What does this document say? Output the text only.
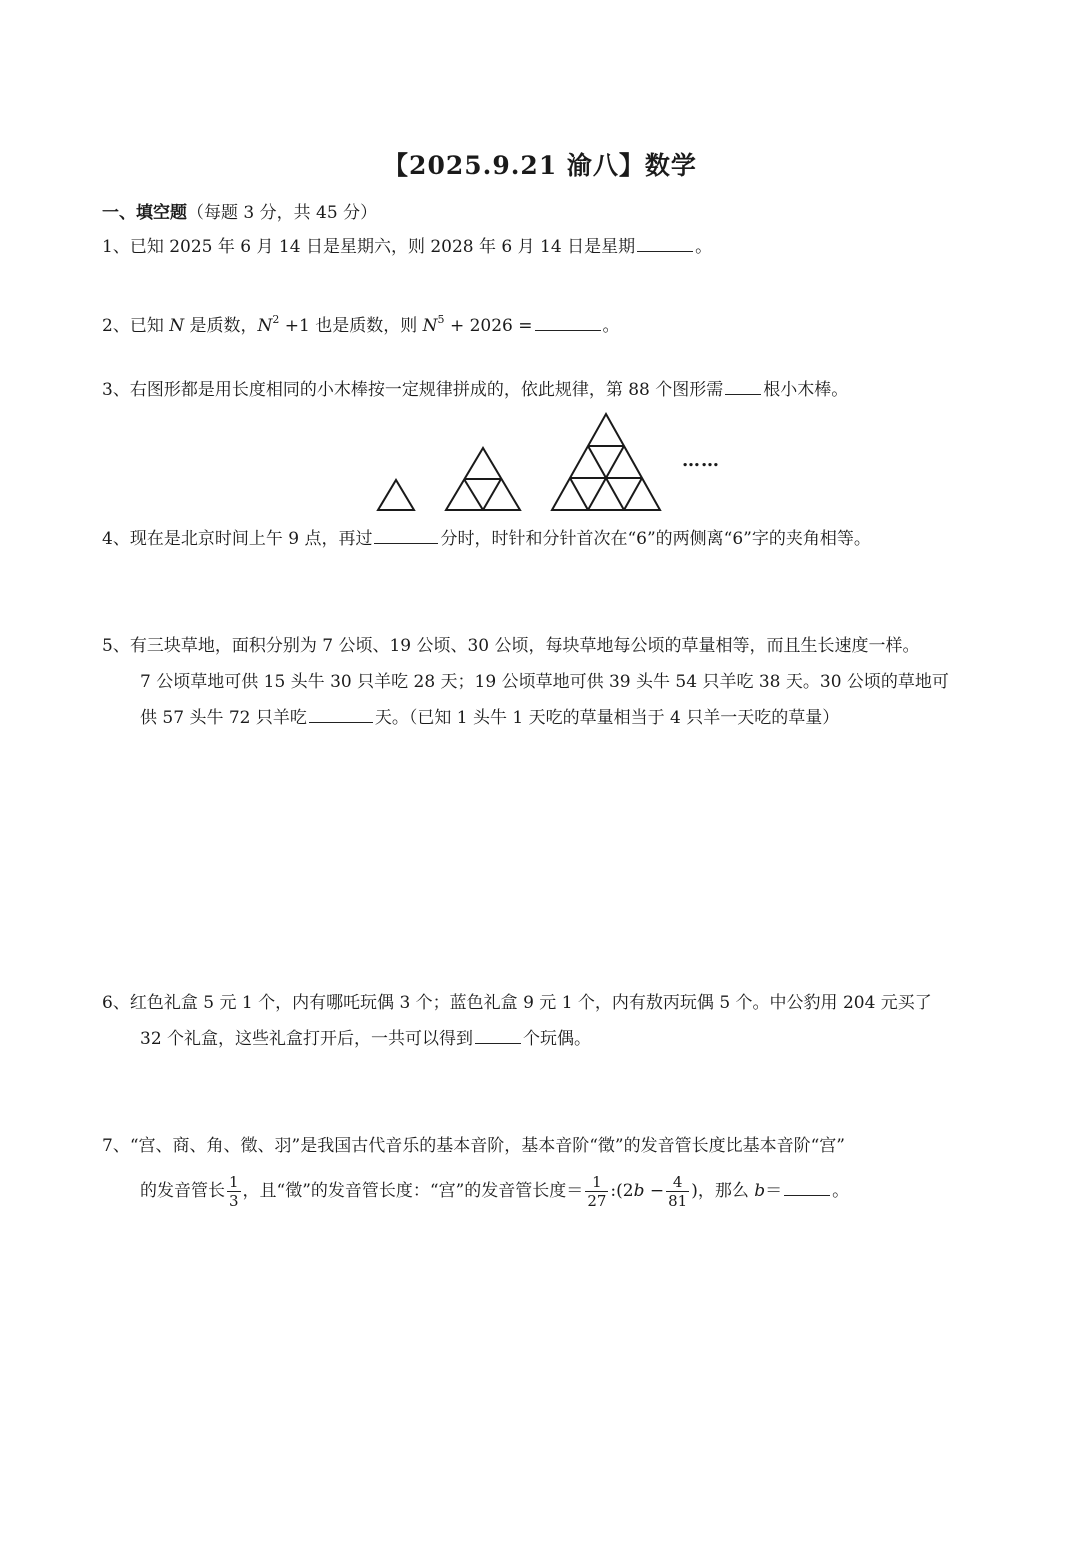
【2025.9.21 渝八】数学
一、填空题（每题 3 分，共 45 分）
1、已知 2025 年 6 月 14 日是星期六，则 2028 年 6 月 14 日是星期	。
2、已知 N 是质数，$N^2 +1$ 也是质数，则 $N^5 + 2026$ =	。
3、右图形都是用长度相同的小木棒按一定规律拼成的，依此规律，第 88 个图形需 根小木棒。
……
4、现在是北京时间上午 9 点，再过	分时，时针和分针首次在“6”的两侧离“6”字的夹角相等。
5、有三块草地，面积分别为 7 公顷、19 公顷、30 公顷，每块草地每公顷的草量相等，而且生长速度一样。
7 公顷草地可供 15 头牛 30 只羊吃 28 天；19 公顷草地可供 39 头牛 54 只羊吃 38 天。30 公顷的草地可
供 57 头牛 72 只羊吃	天。（已知 1 头牛 1 天吃的草量相当于 4 只羊一天吃的草量）
6、红色礼盒 5 元 1 个，内有哪吒玩偶 3 个；蓝色礼盒 9 元 1 个，内有敖丙玩偶 5 个。中公豹用 204 元买了
32 个礼盒，这些礼盒打开后，一共可以得到	个玩偶。
7、“宫、商、角、徵、羽”是我国古代音乐的基本音阶，基本音阶“徵”的发音管长度比基本音阶“宫”
的发音管长 $\frac{1}{3}$ ，且“徵”的发音管长度：“宫”的发音管长度＝ $\frac{1}{27}$ :(2b − $\frac{4}{81}$ )，那么 b＝	。
